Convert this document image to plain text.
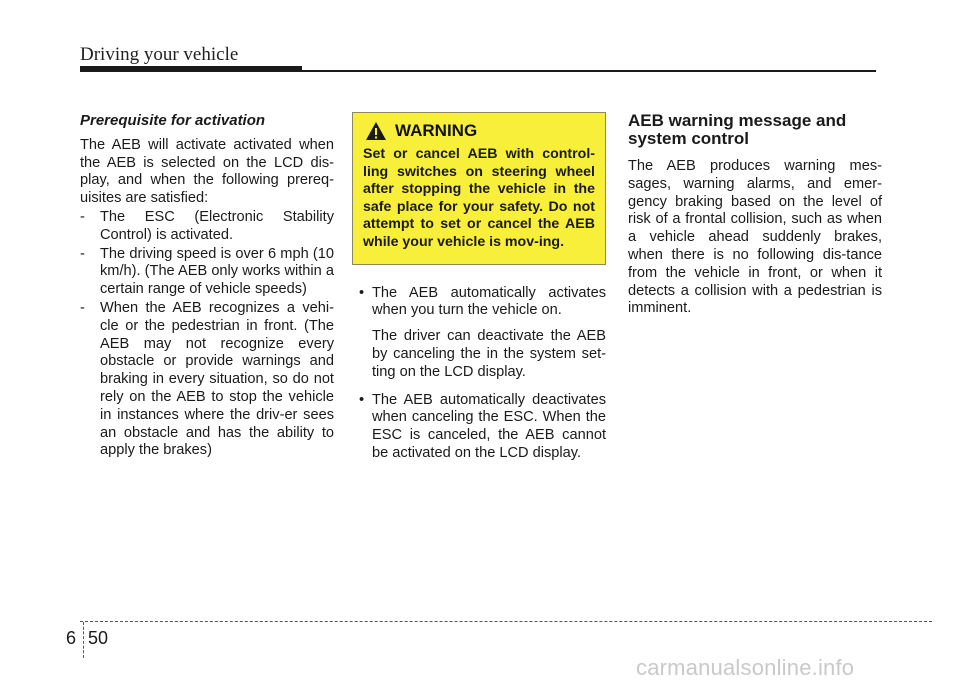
Driving your vehicle

Prerequisite for activation

The AEB will activate activated when the AEB is selected on the LCD dis-play, and when the following prereq-uisites are satisfied:

- The ESC (Electronic Stability Control) is activated.
- The driving speed is over 6 mph (10 km/h). (The AEB only works within a certain range of vehicle speeds)
- When the AEB recognizes a vehi-cle or the pedestrian in front. (The AEB may not recognize every obstacle or provide warnings and braking in every situation, so do not rely on the AEB to stop the vehicle in instances where the driv-er sees an obstacle and has the ability to apply the brakes)
WARNING
Set or cancel AEB with control-ling switches on steering wheel after stopping the vehicle in the safe place for your safety. Do not attempt to set or cancel the AEB while your vehicle is mov-ing.
• The AEB automatically activates when you turn the vehicle on.

The driver can deactivate the AEB by canceling the in the system set-ting on the LCD display.

• The AEB automatically deactivates when canceling the ESC. When the ESC is canceled, the AEB cannot be activated on the LCD display.

AEB warning message and system control

The AEB produces warning mes-sages, warning alarms, and emer-gency braking based on the level of risk of a frontal collision, such as when a vehicle ahead suddenly brakes, when there is no following dis-tance from the vehicle in front, or when it detects a collision with a pedestrian is imminent.

6 50
carmanualsonline.info
